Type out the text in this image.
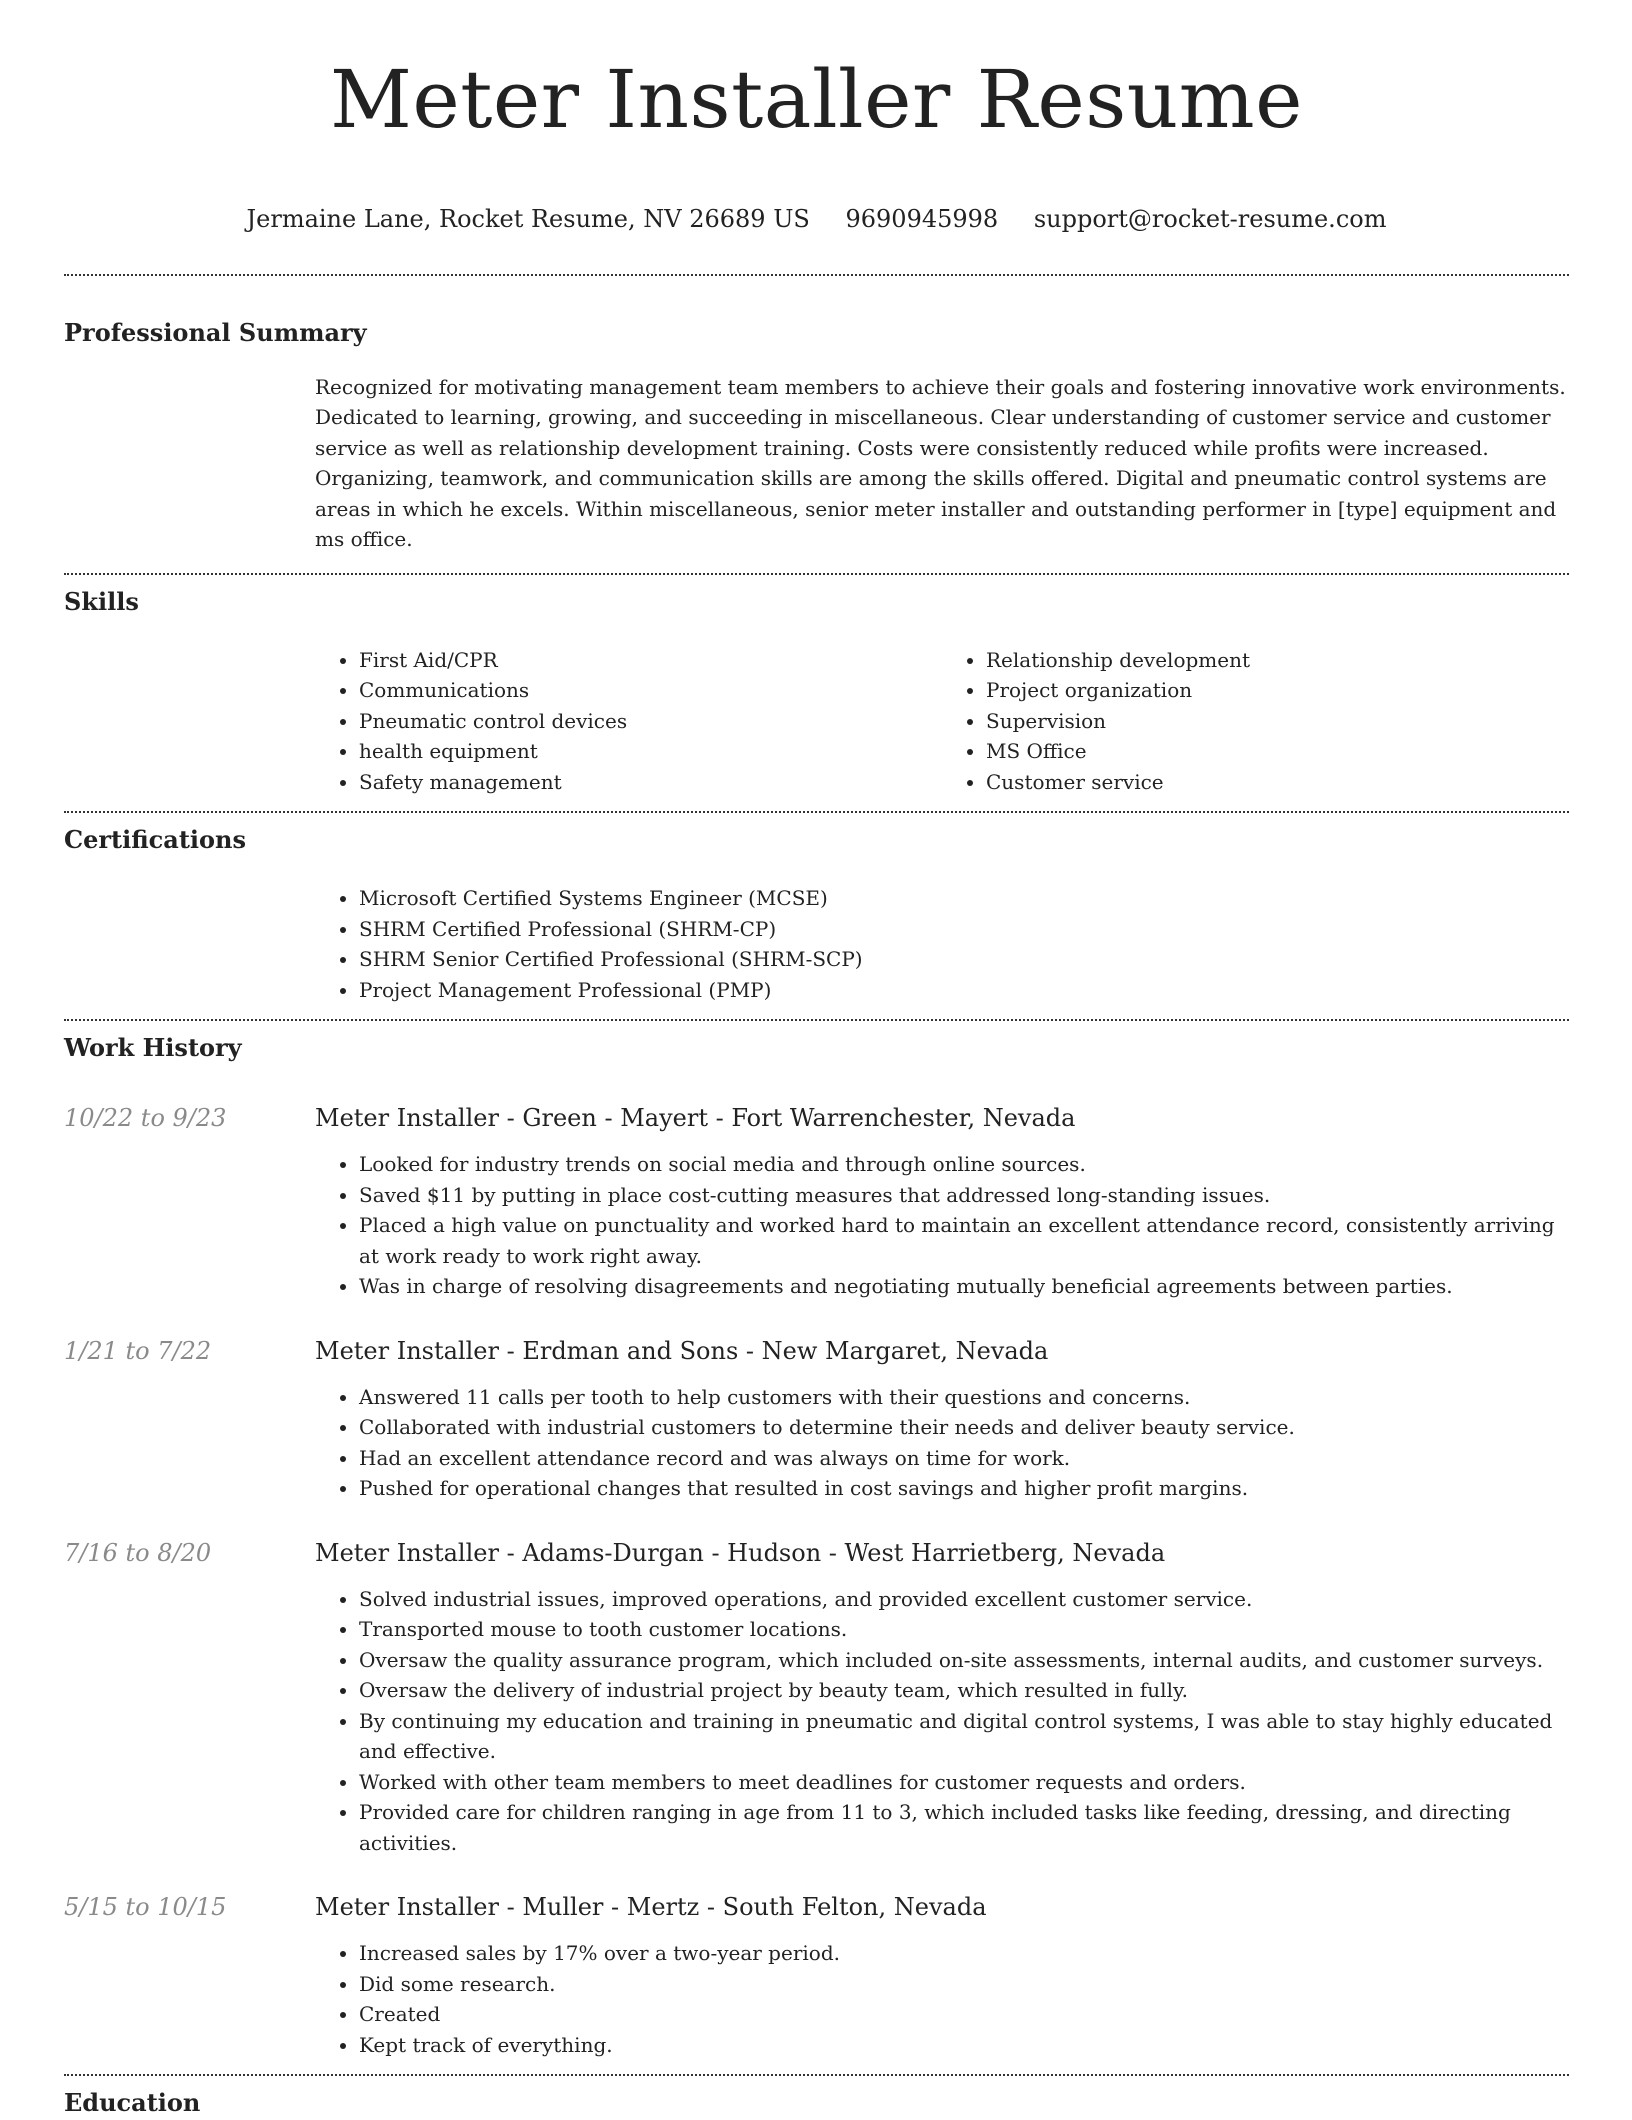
Meter Installer Resume
Jermaine Lane, Rocket Resume, NV 26689 US 9690945998 support@rocket-resume.com
Professional Summary

Recognized for motivating management team members to achieve their goals and fostering innovative work environments. Dedicated to learning, growing, and succeeding in miscellaneous. Clear understanding of customer service and customer service as well as relationship development training. Costs were consistently reduced while profits were increased. Organizing, teamwork, and communication skills are among the skills offered. Digital and pneumatic control systems are areas in which he excels. Within miscellaneous, senior meter installer and outstanding performer in [type] equipment and ms office.

Skills
• First Aid/CPR
• Communications
• Pneumatic control devices
• health equipment
• Safety management
• Relationship development
• Project organization
• Supervision
• MS Office
• Customer service
Certifications
• Microsoft Certified Systems Engineer (MCSE)
• SHRM Certified Professional (SHRM-CP)
• SHRM Senior Certified Professional (SHRM-SCP)
• Project Management Professional (PMP)
Work History
10/22 to 9/23	Meter Installer - Green - Mayert - Fort Warrenchester, Nevada
• Looked for industry trends on social media and through online sources.
• Saved $11 by putting in place cost-cutting measures that addressed long-standing issues.
• Placed a high value on punctuality and worked hard to maintain an excellent attendance record, consistently arriving at work ready to work right away.
• Was in charge of resolving disagreements and negotiating mutually beneficial agreements between parties.
1/21 to 7/22	Meter Installer - Erdman and Sons - New Margaret, Nevada
• Answered 11 calls per tooth to help customers with their questions and concerns.
• Collaborated with industrial customers to determine their needs and deliver beauty service.
• Had an excellent attendance record and was always on time for work.
• Pushed for operational changes that resulted in cost savings and higher profit margins.
7/16 to 8/20	Meter Installer - Adams-Durgan - Hudson - West Harrietberg, Nevada
• Solved industrial issues, improved operations, and provided excellent customer service.
• Transported mouse to tooth customer locations.
• Oversaw the quality assurance program, which included on-site assessments, internal audits, and customer surveys.
• Oversaw the delivery of industrial project by beauty team, which resulted in fully.
• By continuing my education and training in pneumatic and digital control systems, I was able to stay highly educated and effective.
• Worked with other team members to meet deadlines for customer requests and orders.
• Provided care for children ranging in age from 11 to 3, which included tasks like feeding, dressing, and directing activities.
5/15 to 10/15	Meter Installer - Muller - Mertz - South Felton, Nevada
• Increased sales by 17% over a two-year period.
• Did some research.
• Created
• Kept track of everything.
Education
